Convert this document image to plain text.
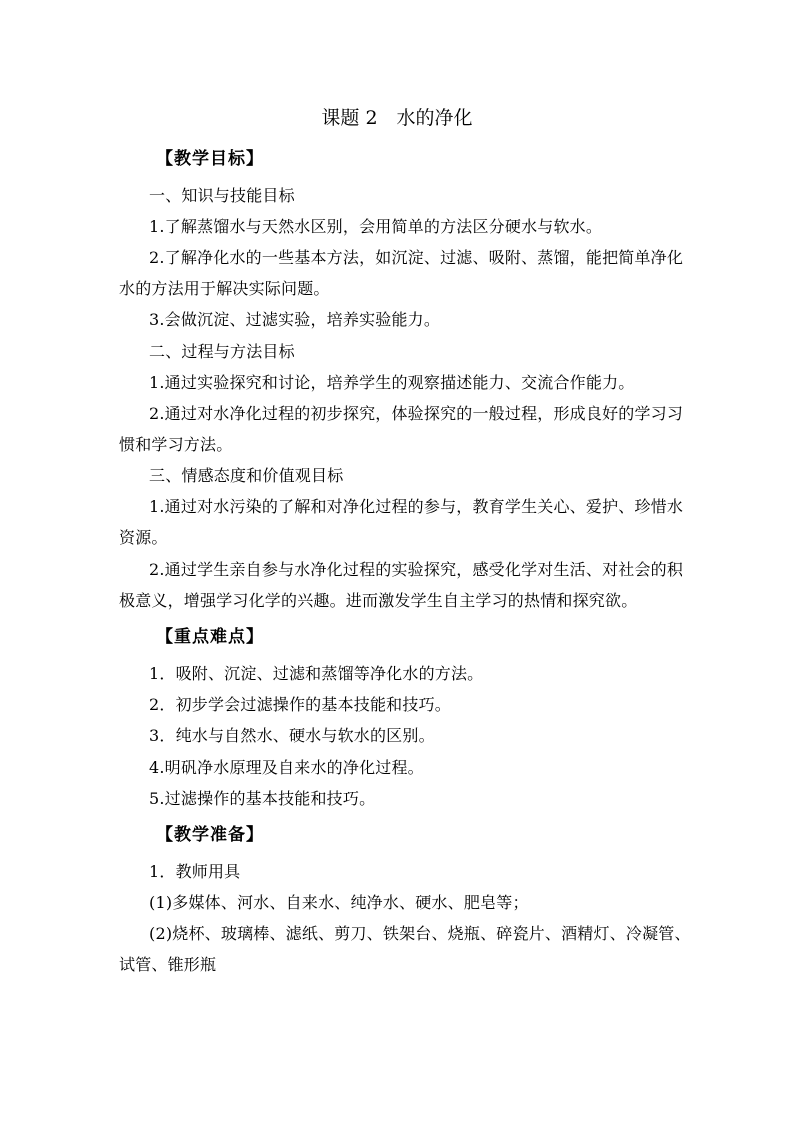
课题 2　水的净化
【教学目标】
一、知识与技能目标
1.了解蒸馏水与天然水区别，会用简单的方法区分硬水与软水。
2.了解净化水的一些基本方法，如沉淀、过滤、吸附、蒸馏，能把简单净化
水的方法用于解决实际问题。
3.会做沉淀、过滤实验，培养实验能力。
二、过程与方法目标
1.通过实验探究和讨论，培养学生的观察描述能力、交流合作能力。
2.通过对水净化过程的初步探究，体验探究的一般过程，形成良好的学习习
惯和学习方法。
三、情感态度和价值观目标
1.通过对水污染的了解和对净化过程的参与，教育学生关心、爱护、珍惜水
资源。
2.通过学生亲自参与水净化过程的实验探究，感受化学对生活、对社会的积
极意义，增强学习化学的兴趣。进而激发学生自主学习的热情和探究欲。
【重点难点】
1．吸附、沉淀、过滤和蒸馏等净化水的方法。
2．初步学会过滤操作的基本技能和技巧。
3．纯水与自然水、硬水与软水的区别。
4.明矾净水原理及自来水的净化过程。
5.过滤操作的基本技能和技巧。
【教学准备】
1．教师用具
(1)多媒体、河水、自来水、纯净水、硬水、肥皂等；
(2)烧杯、玻璃棒、滤纸、剪刀、铁架台、烧瓶、碎瓷片、酒精灯、冷凝管、
试管、锥形瓶
